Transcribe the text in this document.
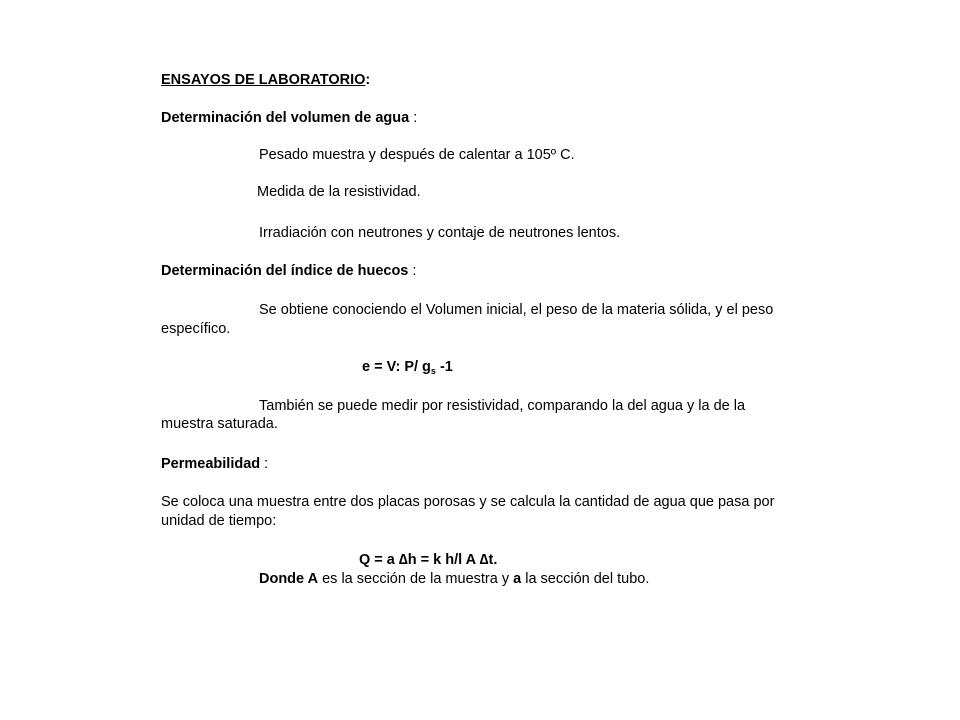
ENSAYOS DE LABORATORIO:
Determinación del volumen de agua :
Pesado muestra y después de calentar a 105º C.
Medida de la resistividad.
Irradiación con neutrones y contaje de neutrones lentos.
Determinación del índice de huecos :
Se obtiene conociendo el Volumen inicial, el peso de la materia sólida, y el peso
específico.
e = V: P/ $g_s$ -1
También se puede medir por resistividad, comparando la del agua y la de la
muestra saturada.
Permeabilidad :
Se coloca una muestra entre dos placas porosas y se calcula la cantidad de agua que pasa por
unidad de tiempo:
Q = a ∆h = k h/l A ∆t.
Donde A es la sección de la muestra y a la sección del tubo.
